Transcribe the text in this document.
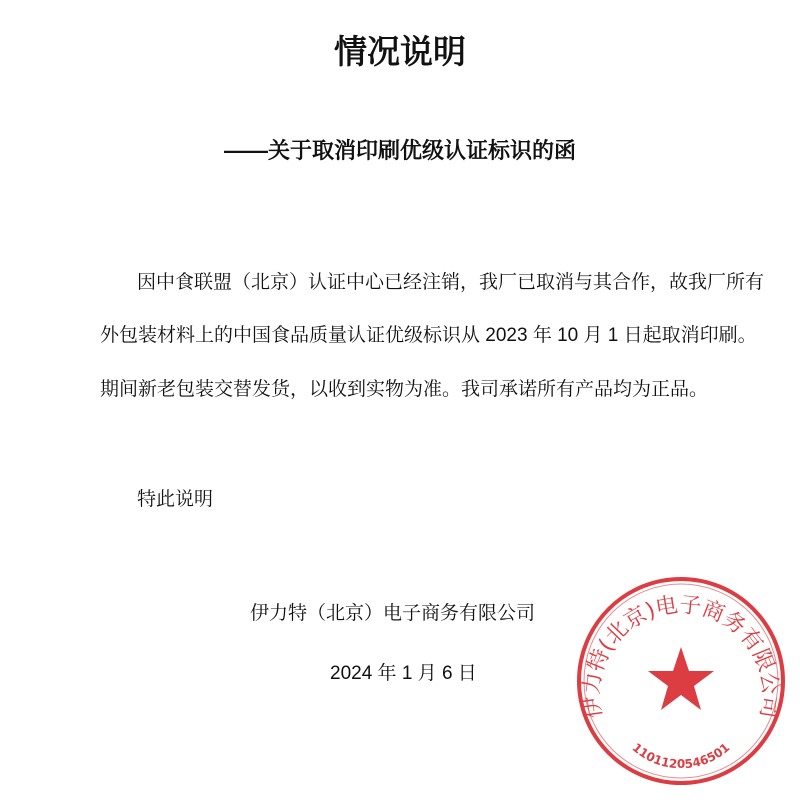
情况说明
——关于取消印刷优级认证标识的函
因中食联盟（北京）认证中心已经注销，我厂已取消与其合作，故我厂所有
外包装材料上的中国食品质量认证优级标识从 2023 年 10 月 1 日起取消印刷。
期间新老包装交替发货，以收到实物为准。我司承诺所有产品均为正品。
特此说明
伊力特（北京）电子商务有限公司
2024 年 1 月 6 日
伊力特(北京)电子商务有限公司
1101120546501
